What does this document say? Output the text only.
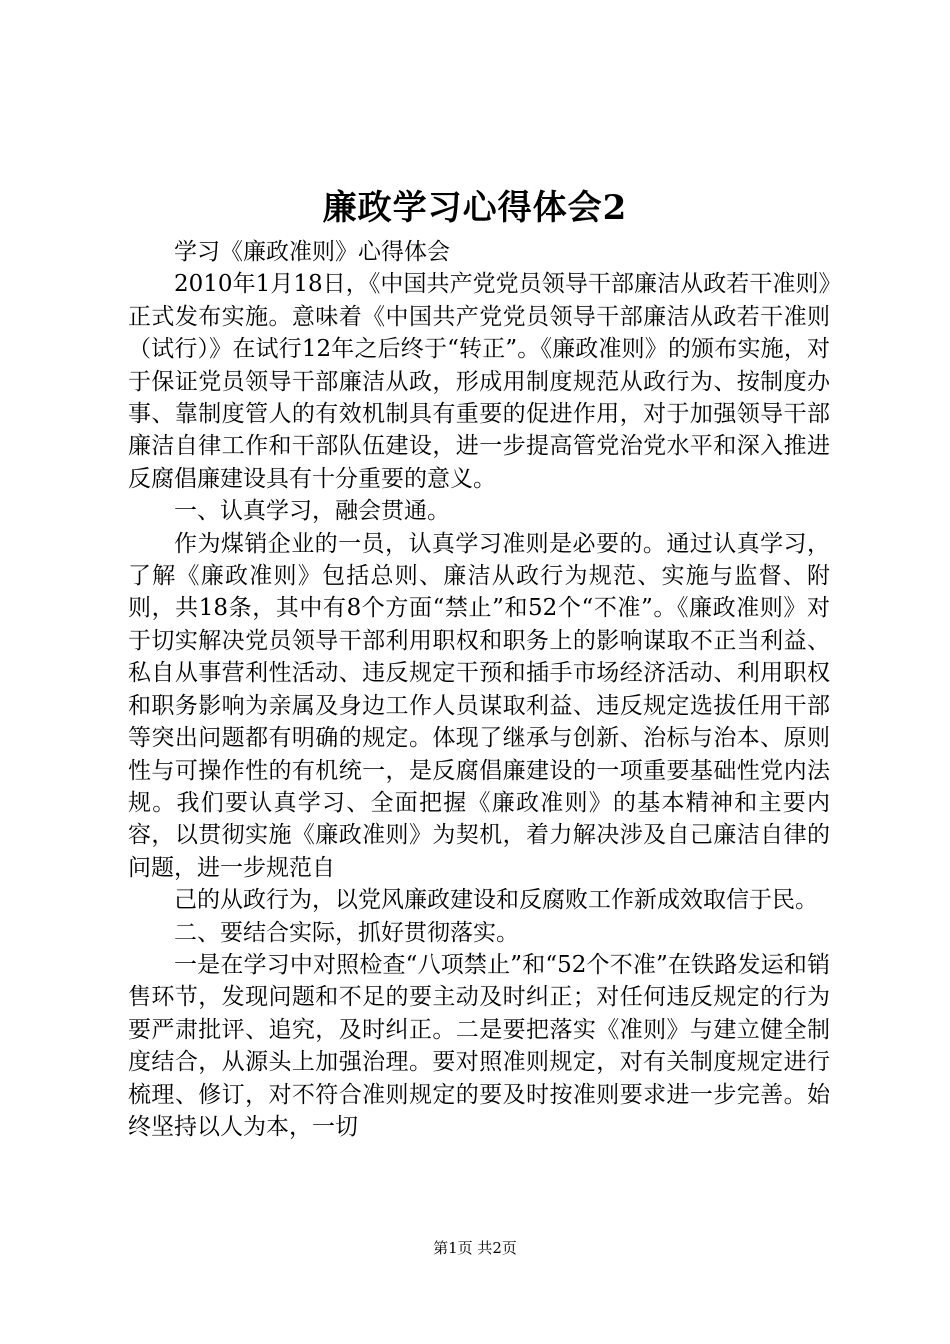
廉政学习心得体会2

学习《廉政准则》心得体会

2010年1月18日，《中国共产党党员领导干部廉洁从政若干准则》正式发布实施。意味着《中国共产党党员领导干部廉洁从政若干准则（试行）》在试行12年之后终于“转正”。《廉政准则》的颁布实施，对于保证党员领导干部廉洁从政，形成用制度规范从政行为、按制度办事、靠制度管人的有效机制具有重要的促进作用，对于加强领导干部廉洁自律工作和干部队伍建设，进一步提高管党治党水平和深入推进反腐倡廉建设具有十分重要的意义。

一、认真学习，融会贯通。

作为煤销企业的一员，认真学习准则是必要的。通过认真学习，了解《廉政准则》包括总则、廉洁从政行为规范、实施与监督、附则，共18条，其中有8个方面“禁止”和52个“不准”。《廉政准则》对于切实解决党员领导干部利用职权和职务上的影响谋取不正当利益、私自从事营利性活动、违反规定干预和插手市场经济活动、利用职权和职务影响为亲属及身边工作人员谋取利益、违反规定选拔任用干部等突出问题都有明确的规定。体现了继承与创新、治标与治本、原则性与可操作性的有机统一，是反腐倡廉建设的一项重要基础性党内法规。我们要认真学习、全面把握《廉政准则》的基本精神和主要内容，以贯彻实施《廉政准则》为契机，着力解决涉及自己廉洁自律的问题，进一步规范自

己的从政行为，以党风廉政建设和反腐败工作新成效取信于民。

二、要结合实际，抓好贯彻落实。

一是在学习中对照检查“八项禁止”和“52个不准”在铁路发运和销售环节，发现问题和不足的要主动及时纠正；对任何违反规定的行为要严肃批评、追究，及时纠正。二是要把落实《准则》与建立健全制度结合，从源头上加强治理。要对照准则规定，对有关制度规定进行梳理、修订，对不符合准则规定的要及时按准则要求进一步完善。始终坚持以人为本，一切

第1页 共2页
